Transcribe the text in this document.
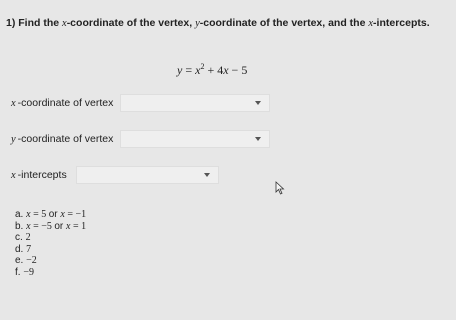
1) Find the x-coordinate of the vertex, y-coordinate of the vertex, and the x-intercepts.
$y = x^2 + 4x - 5$
x -coordinate of vertex
y -coordinate of vertex
x -intercepts
a. x = 5 or x = −1
b. x = −5 or x = 1
c. 2
d. 7
e. −2
f. −9
